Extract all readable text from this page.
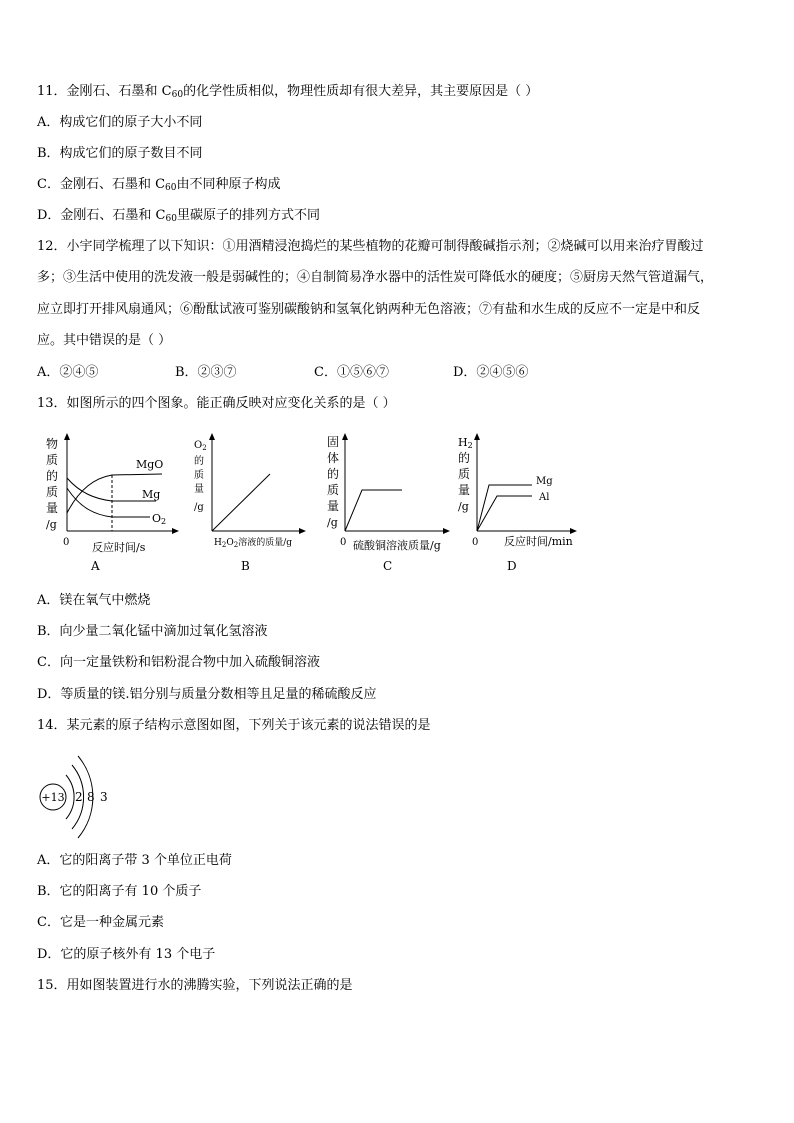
11．金刚石、石墨和 $C_{60}$的化学性质相似，物理性质却有很大差异，其主要原因是（ ）
A．构成它们的原子大小不同
B．构成它们的原子数目不同
C．金刚石、石墨和 $C_{60}$由不同种原子构成
D．金刚石、石墨和 $C_{60}$里碳原子的排列方式不同
12．小宇同学梳理了以下知识：①用酒精浸泡捣烂的某些植物的花瓣可制得酸碱指示剂；②烧碱可以用来治疗胃酸过
多；③生活中使用的洗发液一般是弱碱性的；④自制简易净水器中的活性炭可降低水的硬度；⑤厨房天然气管道漏气，
应立即打开排风扇通风；⑥酚酞试液可鉴别碳酸钠和氢氧化钠两种无色溶液；⑦有盐和水生成的反应不一定是中和反
应。其中错误的是（ ）
A．②④⑤	B．②③⑦	C．①⑤⑥⑦	D．②④⑤⑥
13．如图所示的四个图象。能正确反映对应变化关系的是（ ）
物
质
的
质
量
/g
MgO
Mg
O2
0 反应时间/s
A
$O_2$
的
质
量
/g
$H_2O_2$溶液的质量/g
B
固
体
的
质
量
/g
0 硫酸铜溶液质量/g
C
H2
的
质
量
/g
Mg
Al
0 反应时间/min
D
A．镁在氧气中燃烧
B．向少量二氧化锰中滴加过氧化氢溶液
C．向一定量铁粉和铝粉混合物中加入硫酸铜溶液
D．等质量的镁.铝分别与质量分数相等且足量的稀硫酸反应
14．某元素的原子结构示意图如图，下列关于该元素的说法错误的是
+13 2 8 3
A．它的阳离子带 3 个单位正电荷
B．它的阳离子有 10 个质子
C．它是一种金属元素
D．它的原子核外有 13 个电子
15．用如图装置进行水的沸腾实验，下列说法正确的是
